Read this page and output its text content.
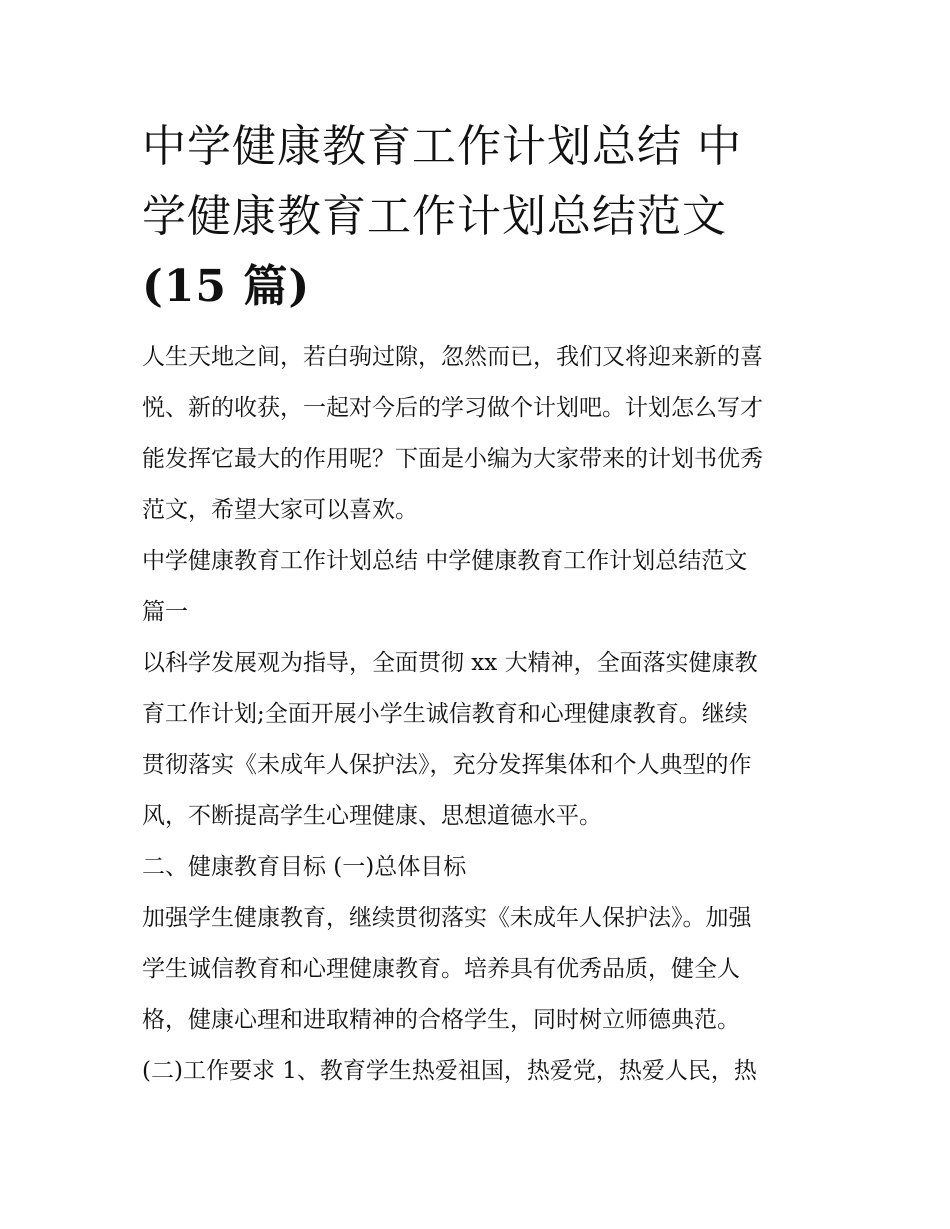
中学健康教育工作计划总结 中
学健康教育工作计划总结范文
(15 篇)

人生天地之间，若白驹过隙，忽然而已，我们又将迎来新的喜
悦、新的收获，一起对今后的学习做个计划吧。计划怎么写才
能发挥它最大的作用呢？下面是小编为大家带来的计划书优秀
范文，希望大家可以喜欢。

中学健康教育工作计划总结 中学健康教育工作计划总结范文
篇一

以科学发展观为指导，全面贯彻 xx 大精神，全面落实健康教
育工作计划;全面开展小学生诚信教育和心理健康教育。继续
贯彻落实《未成年人保护法》，充分发挥集体和个人典型的作
风，不断提高学生心理健康、思想道德水平。

二、健康教育目标 (一)总体目标

加强学生健康教育，继续贯彻落实《未成年人保护法》。加强
学生诚信教育和心理健康教育。培养具有优秀品质，健全人
格，健康心理和进取精神的合格学生，同时树立师德典范。

(二)工作要求 1、教育学生热爱祖国，热爱党，热爱人民，热
